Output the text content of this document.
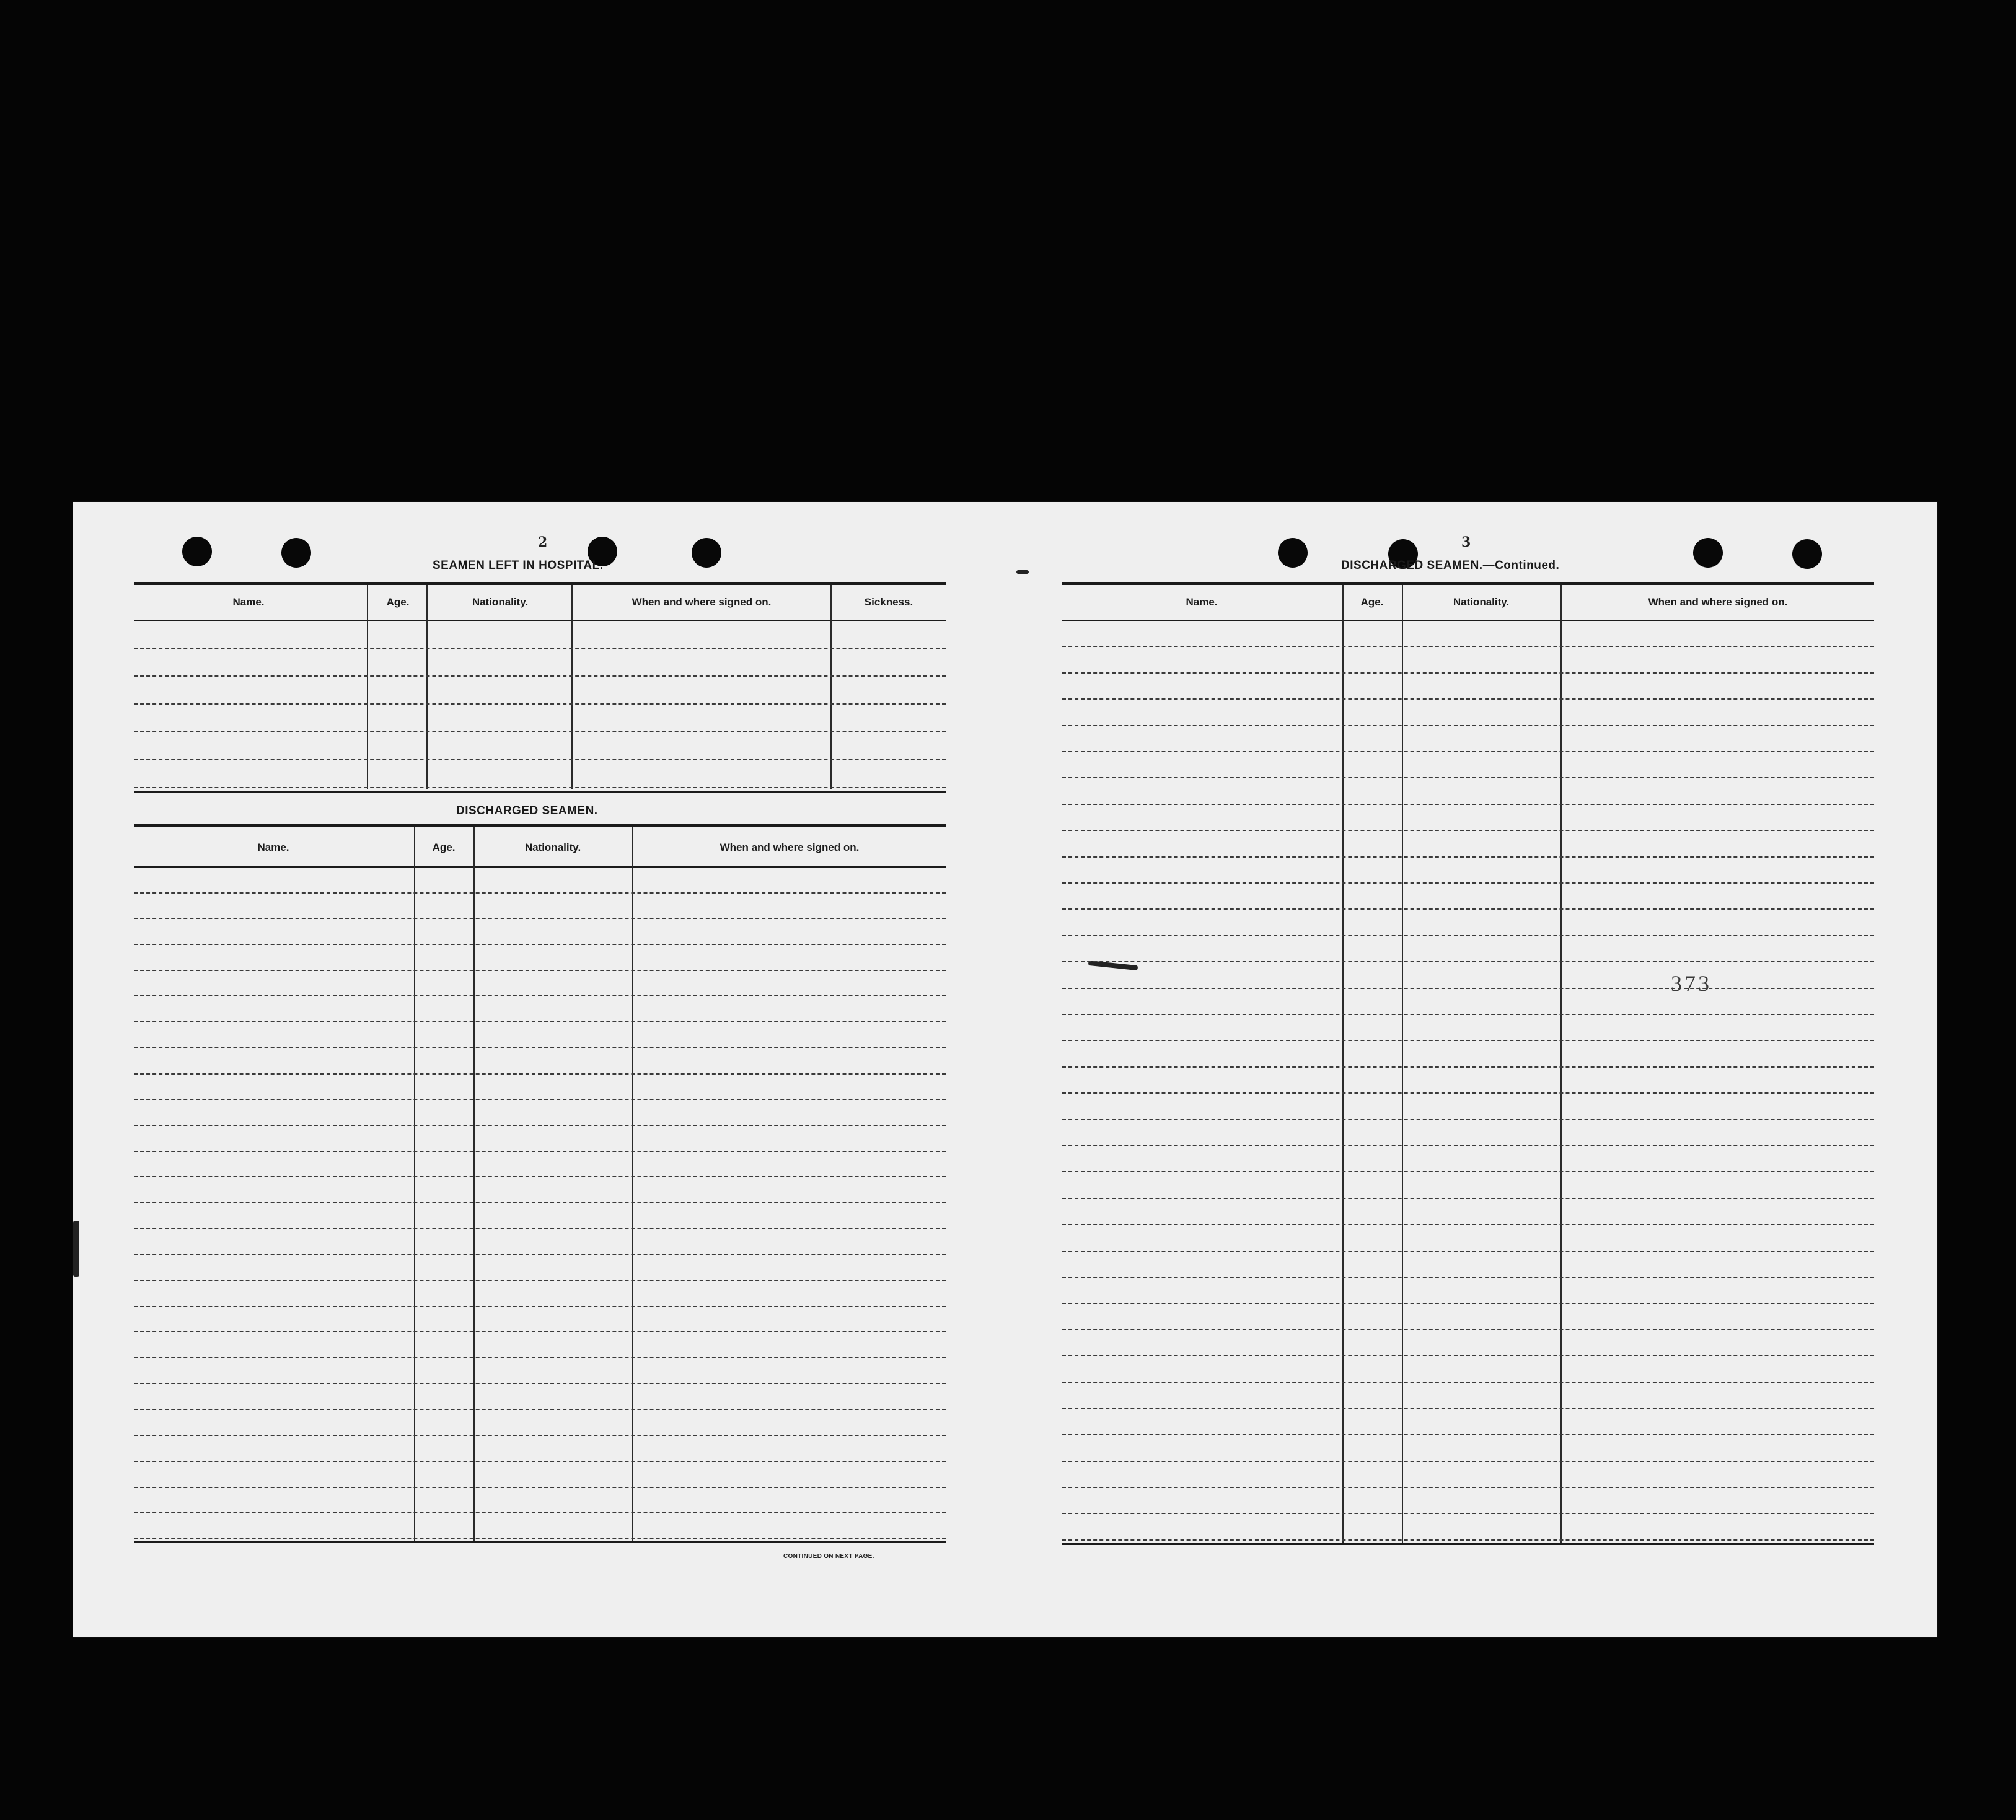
2
SEAMEN LEFT IN HOSPITAL.
Name.	Age.	Nationality.	When and where signed on.	Sickness.
DISCHARGED SEAMEN.
Name.	Age.	Nationality.	When and where signed on.
CONTINUED ON NEXT PAGE.
3
DISCHARGED SEAMEN.—Continued.
Name.	Age.	Nationality.	When and where signed on.
373
